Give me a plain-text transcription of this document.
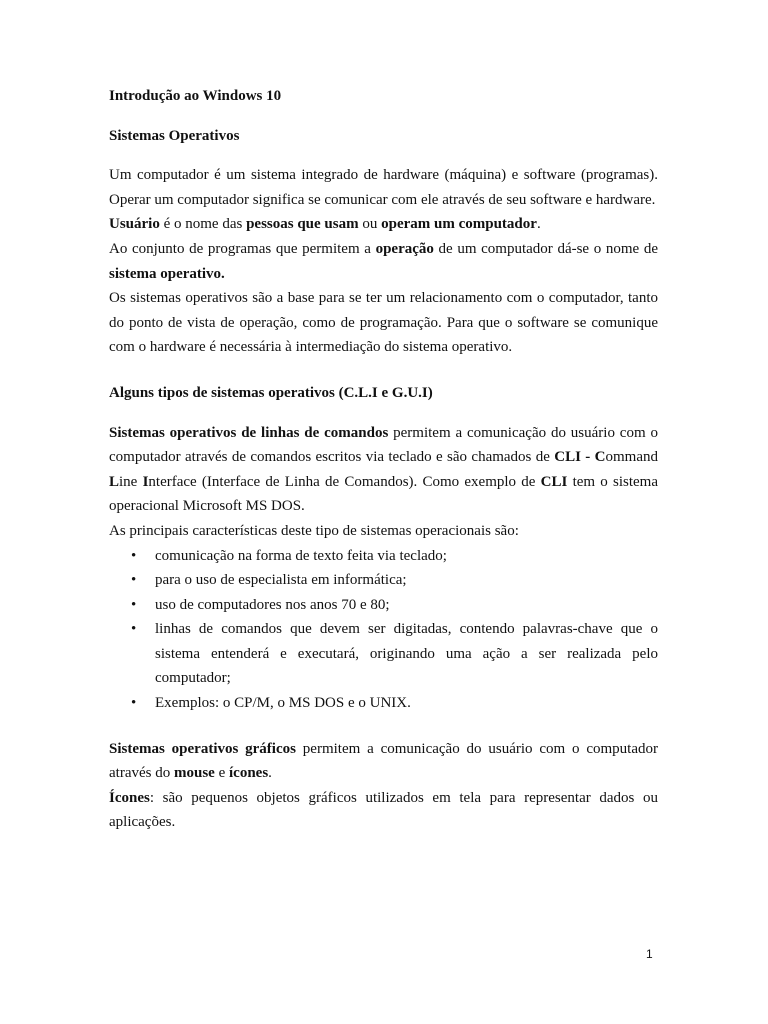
Introdução ao Windows 10
Sistemas Operativos

Um computador é um sistema integrado de hardware (máquina) e software (programas). Operar um computador significa se comunicar com ele através de seu software e hardware.

Usuário é o nome das pessoas que usam ou operam um computador.

Ao conjunto de programas que permitem a operação de um computador dá-se o nome de sistema operativo.

Os sistemas operativos são a base para se ter um relacionamento com o computador, tanto do ponto de vista de operação, como de programação. Para que o software se comunique com o hardware é necessária à intermediação do sistema operativo.

Alguns tipos de sistemas operativos (C.L.I e G.U.I)

Sistemas operativos de linhas de comandos permitem a comunicação do usuário com o computador através de comandos escritos via teclado e são chamados de CLI - Command Line Interface (Interface de Linha de Comandos). Como exemplo de CLI tem o sistema operacional Microsoft MS DOS.

As principais características deste tipo de sistemas operacionais são:

• comunicação na forma de texto feita via teclado;
• para o uso de especialista em informática;
• uso de computadores nos anos 70 e 80;
• linhas de comandos que devem ser digitadas, contendo palavras-chave que o sistema entenderá e executará, originando uma ação a ser realizada pelo computador;
• Exemplos: o CP/M, o MS DOS e o UNIX.

Sistemas operativos gráficos permitem a comunicação do usuário com o computador através do mouse e ícones.

Ícones: são pequenos objetos gráficos utilizados em tela para representar dados ou aplicações.

1
